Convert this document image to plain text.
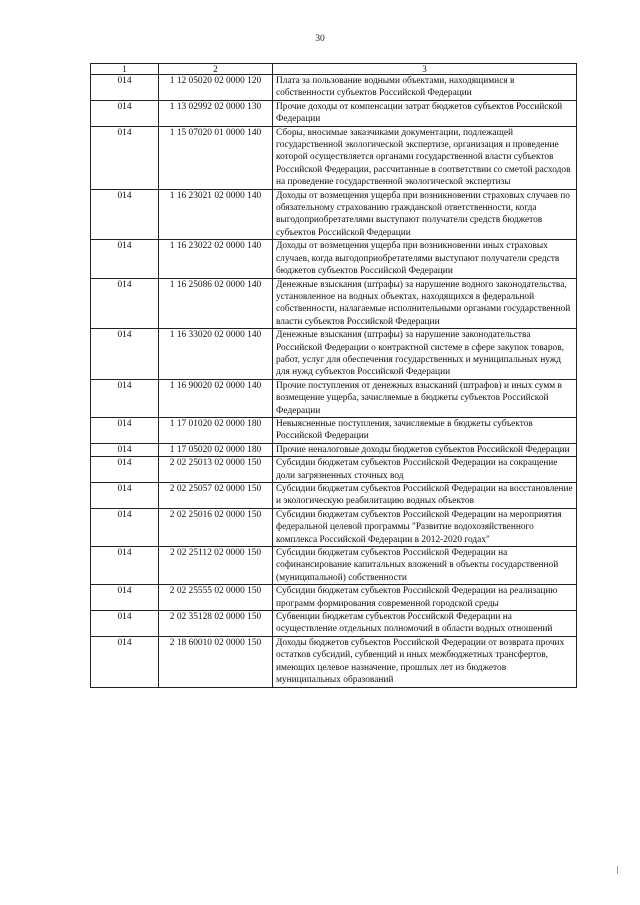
30
1	2	3
014	1 12 05020 02 0000 120	Плата за пользование водными объектами, находящимися в собственности субъектов Российской Федерации
014	1 13 02992 02 0000 130	Прочие доходы от компенсации затрат бюджетов субъектов Российской Федерации
014	1 15 07020 01 0000 140	Сборы, вносимые заказчиками документации, подлежащей государственной экологической экспертизе, организация и проведение которой осуществляется органами государственной власти субъектов Российской Федерации, рассчитанные в соответствии со сметой расходов на проведение государственной экологической экспертизы
014	1 16 23021 02 0000 140	Доходы от возмещения ущерба при возникновении страховых случаев по обязательному страхованию гражданской ответственности, когда выгодоприобретателями выступают получатели средств бюджетов субъектов Российской Федерации
014	1 16 23022 02 0000 140	Доходы от возмещения ущерба при возникновении иных страховых случаев, когда выгодоприобретателями выступают получатели средств бюджетов субъектов Российской Федерации
014	1 16 25086 02 0000 140	Денежные взыскания (штрафы) за нарушение водного законодательства, установленное на водных объектах, находящихся в федеральной собственности, налагаемые исполнительными органами государственной власти субъектов Российской Федерации
014	1 16 33020 02 0000 140	Денежные взыскания (штрафы) за нарушение законодательства Российской Федерации о контрактной системе в сфере закупок товаров, работ, услуг для обеспечения государственных и муниципальных нужд для нужд субъектов Российской Федерации
014	1 16 90020 02 0000 140	Прочие поступления от денежных взысканий (штрафов) и иных сумм в возмещение ущерба, зачисляемые в бюджеты субъектов Российской Федерации
014	1 17 01020 02 0000 180	Невыясненные поступления, зачисляемые в бюджеты субъектов Российской Федерации
014	1 17 05020 02 0000 180	Прочие неналоговые доходы бюджетов субъектов Российской Федерации
014	2 02 25013 02 0000 150	Субсидии бюджетам субъектов Российской Федерации на сокращение доли загрязненных сточных вод
014	2 02 25057 02 0000 150	Субсидии бюджетам субъектов Российской Федерации на восстановление и экологическую реабилитацию водных объектов
014	2 02 25016 02 0000 150	Субсидии бюджетам субъектов Российской Федерации на мероприятия федеральной целевой программы "Развитие водохозяйственного комплекса Российской Федерации в 2012-2020 годах"
014	2 02 25112 02 0000 150	Субсидии бюджетам субъектов Российской Федерации на софинансирование капитальных вложений в объекты государственной (муниципальной) собственности
014	2 02 25555 02 0000 150	Субсидии бюджетам субъектов Российской Федерации на реализацию программ формирования современной городской среды
014	2 02 35128 02 0000 150	Субвенции бюджетам субъектов Российской Федерации на осуществление отдельных полномочий в области водных отношений
014	2 18 60010 02 0000 150	Доходы бюджетов субъектов Российской Федерации от возврата прочих остатков субсидий, субвенций и иных межбюджетных трансфертов, имеющих целевое назначение, прошлых лет из бюджетов муниципальных образований
